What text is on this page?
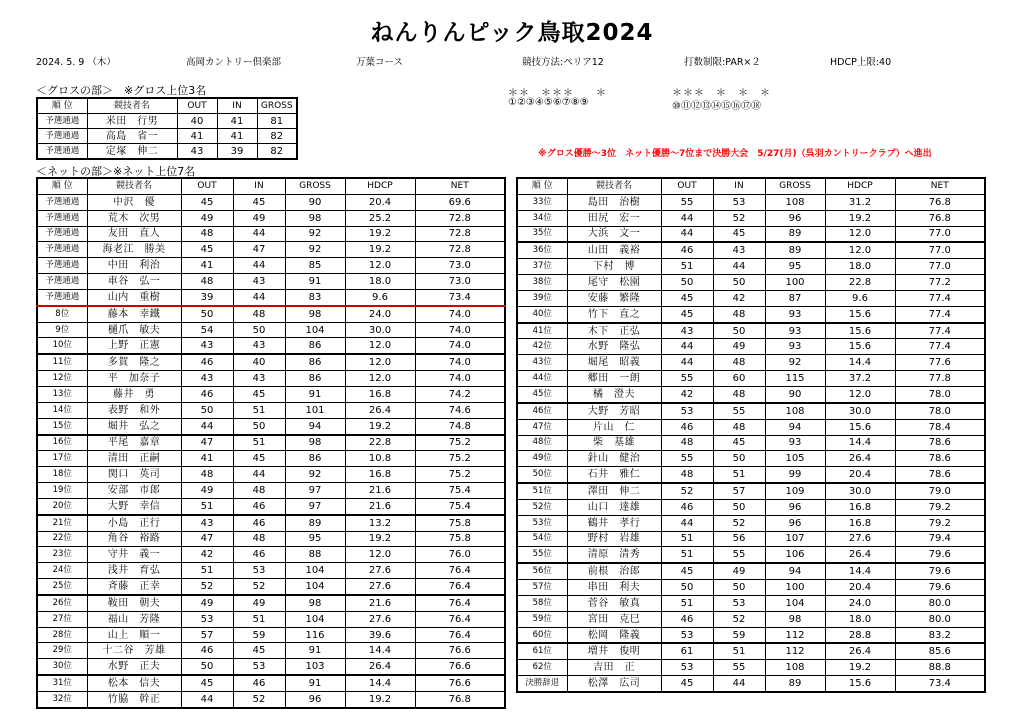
ねんりんピック鳥取2024
2024. 5. 9 （木）	高岡カントリー倶楽部	万葉コース	競技方法:ペリア12	打数制限:PAR×２	HDCP上限:40
＜グロスの部＞　※グロス上位3名	＊＊　＊＊＊　　＊	＊＊＊　＊　＊　＊
①②③④⑤⑥⑦⑧⑨	⑩⑪⑫⑬⑭⑮⑯⑰⑱
順 位	競技者名	OUT	IN	GROSS
予選通過	米田　行男	40	41	81
予選通過	高島　省一	41	41	82
予選通過	定塚　伸二	43	39	82	※グロス優勝～3位　ネット優勝～7位まで決勝大会　5/27(月)（呉羽カントリークラブ）へ進出
＜ネットの部＞※ネット上位7名
順 位	競技者名	OUT	IN	GROSS	HDCP	NET
予選通過	中沢　優	45	45	90	20.4	69.6
予選通過	荒木　次男	49	49	98	25.2	72.8
予選通過	友田　直人	48	44	92	19.2	72.8
予選通過	海老江　勝美	45	47	92	19.2	72.8
予選通過	中田　利治	41	44	85	12.0	73.0
予選通過	車谷　弘一	48	43	91	18.0	73.0
予選通過	山内　重樹	39	44	83	9.6	73.4
8位	藤本　幸鐵	50	48	98	24.0	74.0
9位	樋爪　敏夫	54	50	104	30.0	74.0
10位	上野　正憲	43	43	86	12.0	74.0
11位	多賀　隆之	46	40	86	12.0	74.0
12位	平　加奈子	43	43	86	12.0	74.0
13位	藤井　勇	46	45	91	16.8	74.2
14位	表野　和外	50	51	101	26.4	74.6
15位	堀井　弘之	44	50	94	19.2	74.8
16位	平尾　嘉章	47	51	98	22.8	75.2
17位	清田　正嗣	41	45	86	10.8	75.2
18位	関口　英司	48	44	92	16.8	75.2
19位	安部　市郎	49	48	97	21.6	75.4
20位	大野　幸信	51	46	97	21.6	75.4
21位	小島　正行	43	46	89	13.2	75.8
22位	角谷　裕路	47	48	95	19.2	75.8
23位	守井　義一	42	46	88	12.0	76.0
24位	浅井　育弘	51	53	104	27.6	76.4
25位	斉藤　正幸	52	52	104	27.6	76.4
26位	鞍田　朝夫	49	49	98	21.6	76.4
27位	福山　芳隆	53	51	104	27.6	76.4
28位	山上　順一	57	59	116	39.6	76.4
29位	十二谷　芳雄	46	45	91	14.4	76.6
30位	水野　正夫	50	53	103	26.4	76.6
31位	松本　信夫	45	46	91	14.4	76.6
32位	竹脇　幹正	44	52	96	19.2	76.8
順 位	競技者名	OUT	IN	GROSS	HDCP	NET
33位	島田　治樹	55	53	108	31.2	76.8
34位	田尻　宏一	44	52	96	19.2	76.8
35位	大浜　文一	44	45	89	12.0	77.0
36位	山田　義裕	46	43	89	12.0	77.0
37位	下村　博	51	44	95	18.0	77.0
38位	尾守　松園	50	50	100	22.8	77.2
39位	安藤　繁隆	45	42	87	9.6	77.4
40位	竹下　直之	45	48	93	15.6	77.4
41位	木下　正弘	43	50	93	15.6	77.4
42位	水野　隆弘	44	49	93	15.6	77.4
43位	堀尾　昭義	44	48	92	14.4	77.6
44位	郷田　一朗	55	60	115	37.2	77.8
45位	橘　澄夫	42	48	90	12.0	78.0
46位	大野　芳昭	53	55	108	30.0	78.0
47位	片山　仁	46	48	94	15.6	78.4
48位	柴　基雄	48	45	93	14.4	78.6
49位	針山　健治	55	50	105	26.4	78.6
50位	石井　雅仁	48	51	99	20.4	78.6
51位	澤田　伸二	52	57	109	30.0	79.0
52位	山口　達雄	46	50	96	16.8	79.2
53位	鶴井　孝行	44	52	96	16.8	79.2
54位	野村　岩雄	51	56	107	27.6	79.4
55位	清原　清秀	51	55	106	26.4	79.6
56位	前根　治郎	45	49	94	14.4	79.6
57位	串田　利夫	50	50	100	20.4	79.6
58位	菅谷　敏真	51	53	104	24.0	80.0
59位	宮田　克巳	46	52	98	18.0	80.0
60位	松岡　隆義	53	59	112	28.8	83.2
61位	増井　俊明	61	51	112	26.4	85.6
62位	吉田　正	53	55	108	19.2	88.8
決勝辞退	松澤　広司	45	44	89	15.6	73.4
